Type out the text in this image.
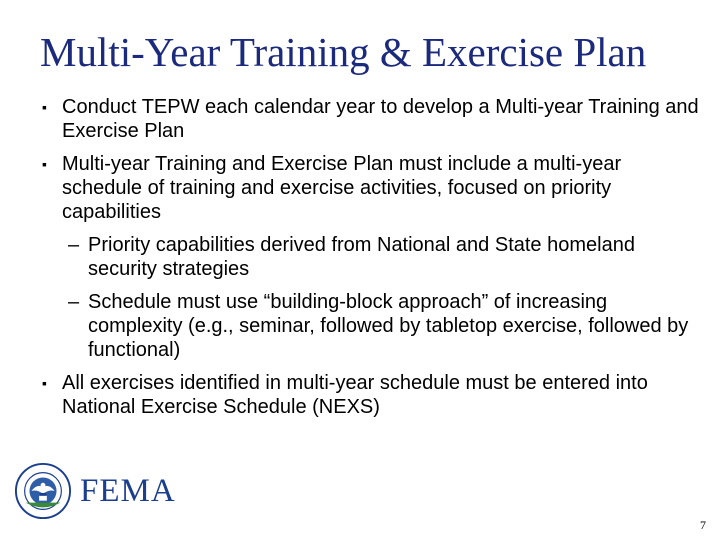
Multi-Year Training & Exercise Plan
▪ Conduct TEPW each calendar year to develop a Multi-year Training and Exercise Plan
▪ Multi-year Training and Exercise Plan must include a multi-year schedule of training and exercise activities, focused on priority capabilities
– Priority capabilities derived from National and State homeland security strategies
– Schedule must use “building-block approach” of increasing complexity (e.g., seminar, followed by tabletop exercise, followed by functional)
▪ All exercises identified in multi-year schedule must be entered into National Exercise Schedule (NEXS)
FEMA
7
